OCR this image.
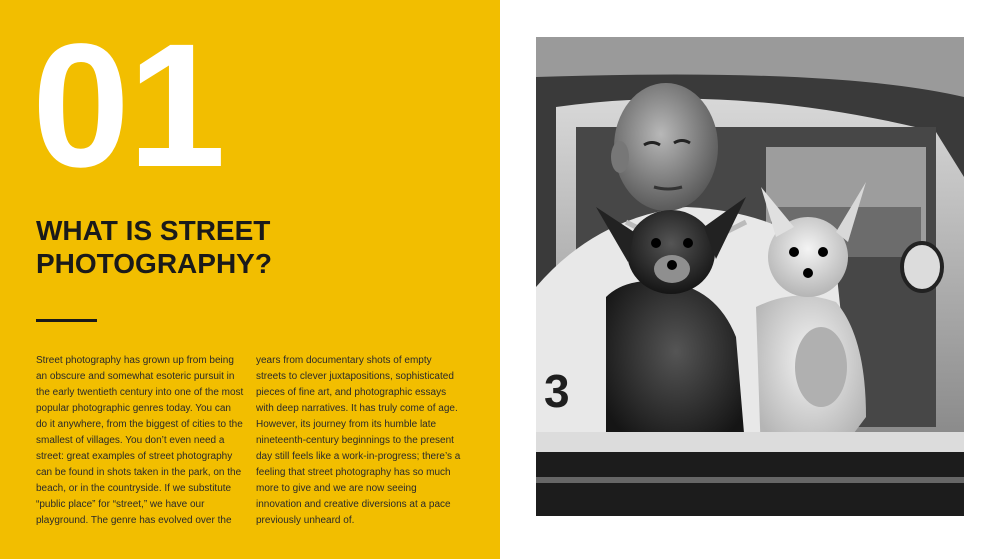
01
WHAT IS STREET
PHOTOGRAPHY?

Street photography has grown up from being an obscure and somewhat esoteric pursuit in the early twentieth century into one of the most popular photographic genres today. You can do it anywhere, from the biggest of cities to the smallest of villages. You don’t even need a street: great examples of street photography can be found in shots taken in the park, on the beach, or in the countryside. If we substitute “public place” for “street,” we have our playground. The genre has evolved over the

years from documentary shots of empty streets to clever juxtapositions, sophisticated pieces of fine art, and photographic essays with deep narratives. It has truly come of age. However, its journey from its humble late nineteenth-century beginnings to the present day still feels like a work-in-progress; there’s a feeling that street photography has so much more to give and we are now seeing innovation and creative diversions at a pace previously unheard of.

3
